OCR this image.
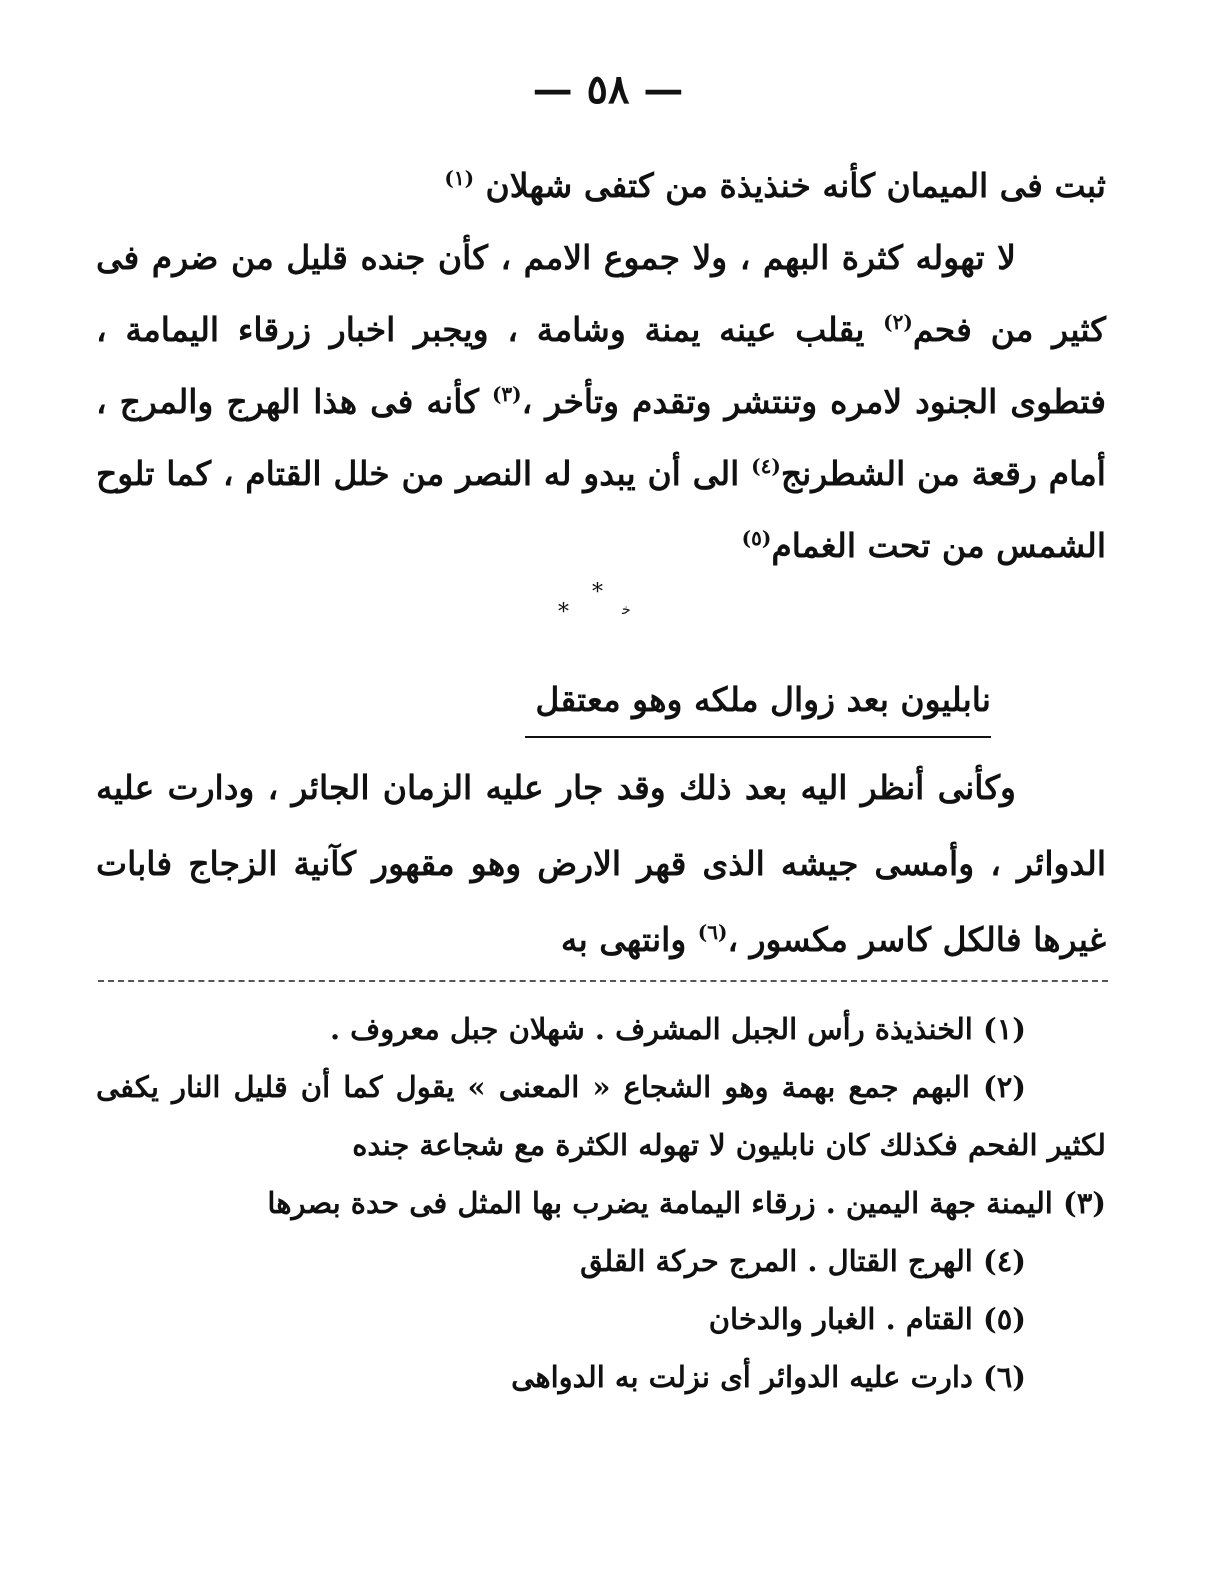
— ٥٨ —

ثبت فى الميمان كأنه خنذيذة من كتفى شهلان $^{(١)}$

لا تهوله كثرة البهم ، ولا جموع الامم ، كأن جنده قليل من ضرم فى كثير من فحم$^{(٢)}$ يقلب عينه يمنة وشامة ، ويجبر اخبار زرقاء اليمامة ، فتطوى الجنود لامره وتنتشر وتقدم وتأخر ،$^{(٣)}$ كأنه فى هذا الهرج والمرج ، أمام رقعة من الشطرنج$^{(٤)}$ الى أن يبدو له النصر من خلل القتام ، كما تلوح الشمس من تحت الغمام$^{(٥)}$

*
*	ﺧ
نابليون بعد زوال ملكه وهو معتقل

وكأنى أنظر اليه بعد ذلك وقد جار عليه الزمان الجائر ، ودارت عليه الدوائر ، وأمسى جيشه الذى قهر الارض وهو مقهور كآنية الزجاج فابات غيرها فالكل كاسر مكسور ،$^{(٦)}$ وانتهى به

(١) الخنذيذة رأس الجبل المشرف . شهلان جبل معروف .

(٢) البهم جمع بهمة وهو الشجاع « المعنى » يقول كما أن قليل النار يكفى لكثير الفحم فكذلك كان نابليون لا تهوله الكثرة مع شجاعة جنده

(٣) اليمنة جهة اليمين . زرقاء اليمامة يضرب بها المثل فى حدة بصرها

(٤) الهرج القتال . المرج حركة القلق

(٥) القتام . الغبار والدخان

(٦) دارت عليه الدوائر أى نزلت به الدواهى
